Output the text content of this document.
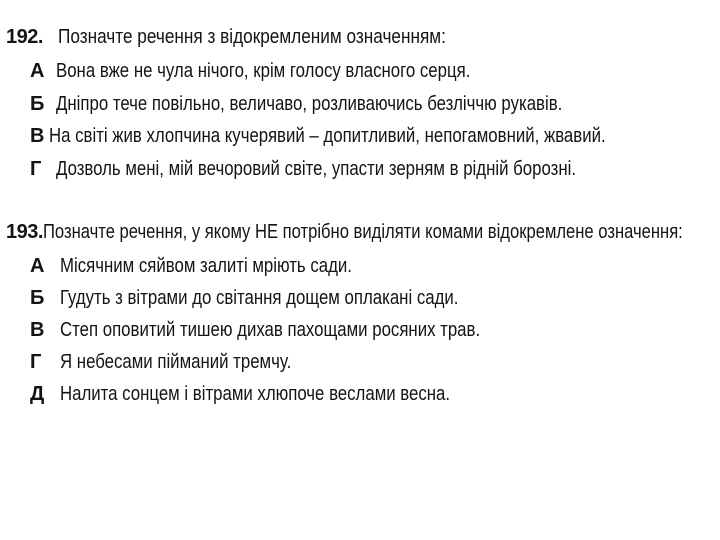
192. Позначте речення з відокремленим означенням:
А Вона вже не чула нічого, крім голосу власного серця.
Б Дніпро тече повільно, величаво, розливаючись безліччю рукавів.
В На світі жив хлопчина кучерявий – допитливий, непогамовний, жвавий.
Г Дозволь мені, мій вечоровий світе, упасти зерням в рідній борозні.
193. Позначте речення, у якому НЕ потрібно виділяти комами відокремлене означення:
А Місячним сяйвом залиті мріють сади.
Б Гудуть з вітрами до світання дощем оплакані сади.
В Степ оповитий тишею дихав пахощами росяних трав.
Г Я небесами піймaний тремчу.
Д Налита сонцем і вітрами хлюпоче веслами весна.
